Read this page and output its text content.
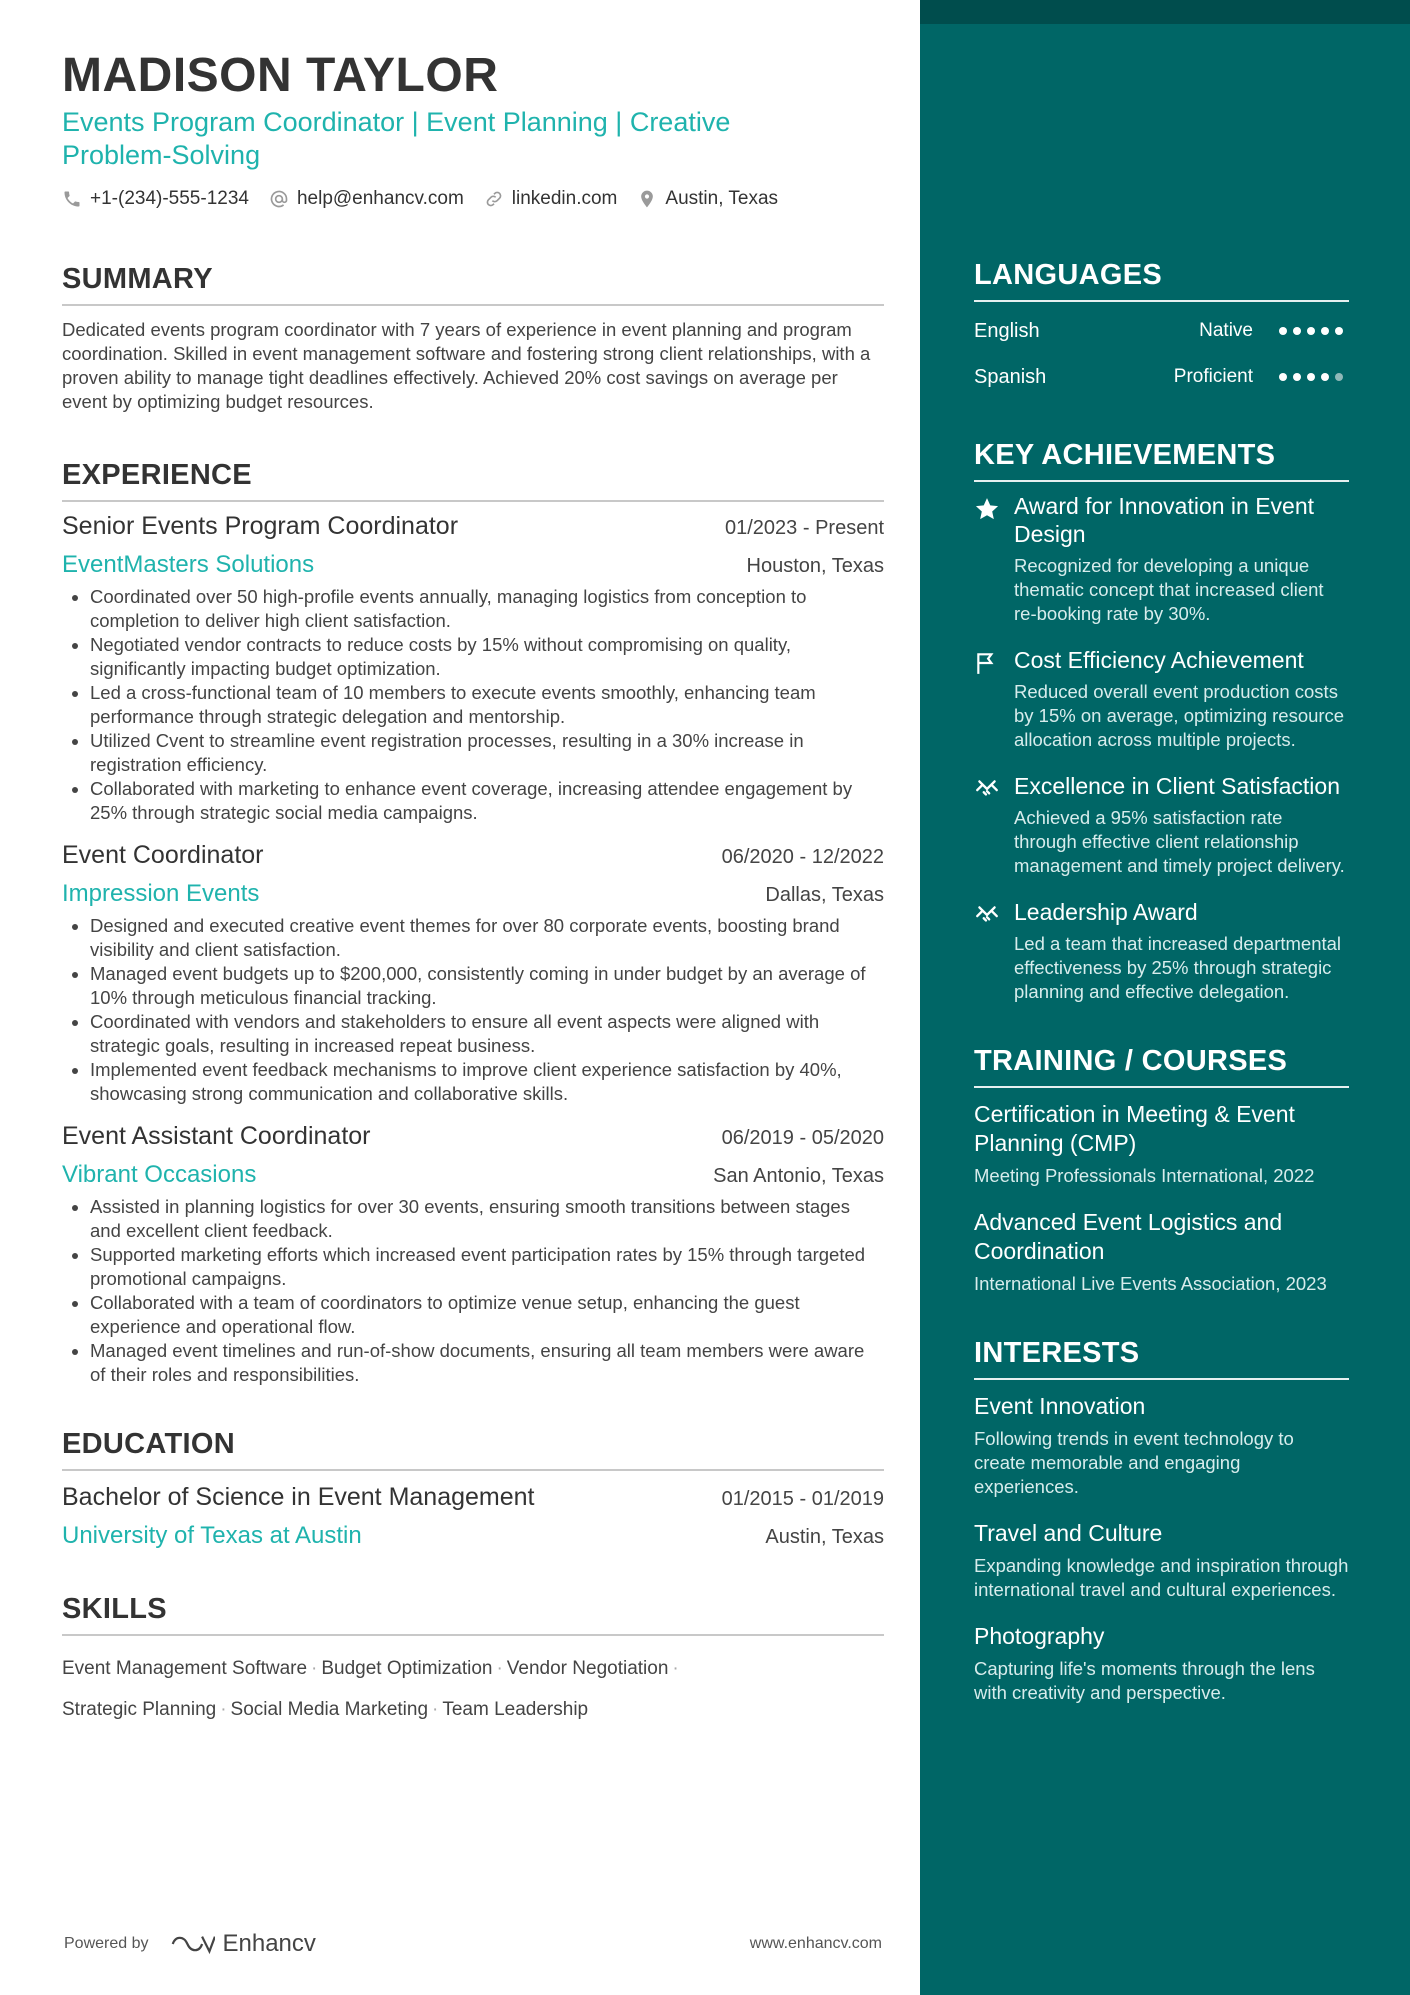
MADISON TAYLOR
Events Program Coordinator | Event Planning | Creative Problem-Solving
+1-(234)-555-1234	help@enhancv.com	linkedin.com	Austin, Texas
SUMMARY
Dedicated events program coordinator with 7 years of experience in event planning and program coordination. Skilled in event management software and fostering strong client relationships, with a proven ability to manage tight deadlines effectively. Achieved 20% cost savings on average per event by optimizing budget resources.
EXPERIENCE
Senior Events Program Coordinator	01/2023 - Present
EventMasters Solutions	Houston, Texas
• Coordinated over 50 high-profile events annually, managing logistics from conception to completion to deliver high client satisfaction.
• Negotiated vendor contracts to reduce costs by 15% without compromising on quality, significantly impacting budget optimization.
• Led a cross-functional team of 10 members to execute events smoothly, enhancing team performance through strategic delegation and mentorship.
• Utilized Cvent to streamline event registration processes, resulting in a 30% increase in registration efficiency.
• Collaborated with marketing to enhance event coverage, increasing attendee engagement by 25% through strategic social media campaigns.
Event Coordinator	06/2020 - 12/2022
Impression Events	Dallas, Texas
• Designed and executed creative event themes for over 80 corporate events, boosting brand visibility and client satisfaction.
• Managed event budgets up to $200,000, consistently coming in under budget by an average of 10% through meticulous financial tracking.
• Coordinated with vendors and stakeholders to ensure all event aspects were aligned with strategic goals, resulting in increased repeat business.
• Implemented event feedback mechanisms to improve client experience satisfaction by 40%, showcasing strong communication and collaborative skills.
Event Assistant Coordinator	06/2019 - 05/2020
Vibrant Occasions	San Antonio, Texas
• Assisted in planning logistics for over 30 events, ensuring smooth transitions between stages and excellent client feedback.
• Supported marketing efforts which increased event participation rates by 15% through targeted promotional campaigns.
• Collaborated with a team of coordinators to optimize venue setup, enhancing the guest experience and operational flow.
• Managed event timelines and run-of-show documents, ensuring all team members were aware of their roles and responsibilities.
EDUCATION
Bachelor of Science in Event Management	01/2015 - 01/2019
University of Texas at Austin	Austin, Texas
SKILLS
Event Management Software · Budget Optimization · Vendor Negotiation ·
Strategic Planning · Social Media Marketing · Team Leadership
Powered by	Enhancv	www.enhancv.com
LANGUAGES
English	Native
Spanish	Proficient
KEY ACHIEVEMENTS
Award for Innovation in Event Design
Recognized for developing a unique thematic concept that increased client re-booking rate by 30%.
Cost Efficiency Achievement
Reduced overall event production costs by 15% on average, optimizing resource allocation across multiple projects.
Excellence in Client Satisfaction
Achieved a 95% satisfaction rate through effective client relationship management and timely project delivery.
Leadership Award
Led a team that increased departmental effectiveness by 25% through strategic planning and effective delegation.
TRAINING / COURSES
Certification in Meeting & Event Planning (CMP)
Meeting Professionals International, 2022
Advanced Event Logistics and Coordination
International Live Events Association, 2023
INTERESTS
Event Innovation
Following trends in event technology to create memorable and engaging experiences.
Travel and Culture
Expanding knowledge and inspiration through international travel and cultural experiences.
Photography
Capturing life's moments through the lens with creativity and perspective.
